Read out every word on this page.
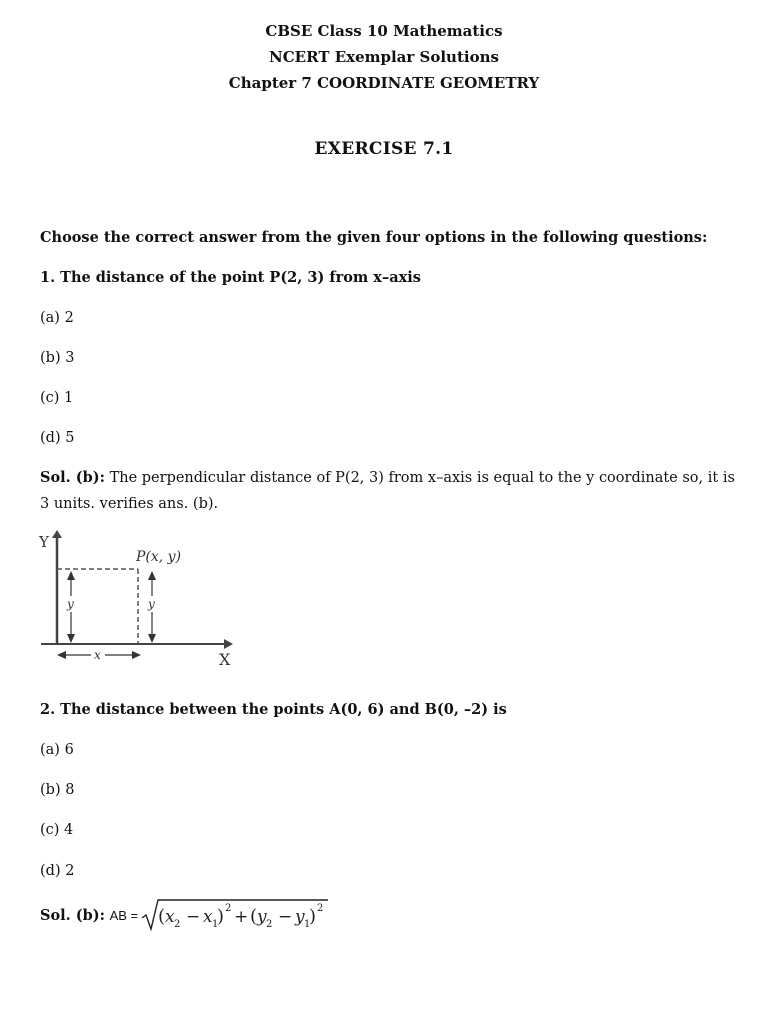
CBSE Class 10 Mathematics
NCERT Exemplar Solutions
Chapter 7 COORDINATE GEOMETRY
EXERCISE 7.1
Choose the correct answer from the given four options in the following questions:
1. The distance of the point P(2, 3) from x–axis
(a) 2
(b) 3
(c) 1
(d) 5
Sol. (b): The perpendicular distance of P(2, 3) from x–axis is equal to the y coordinate so, it is 3 units. verifies ans. (b).
Y
X
P(x, y)
y	y
x
2. The distance between the points A(0, 6) and B(0, –2) is
(a) 6
(b) 8
(c) 4
(d) 2
Sol. (b): AB = ( x 2 − x 1
) 2 + ( y 2 − y 1
) 2
